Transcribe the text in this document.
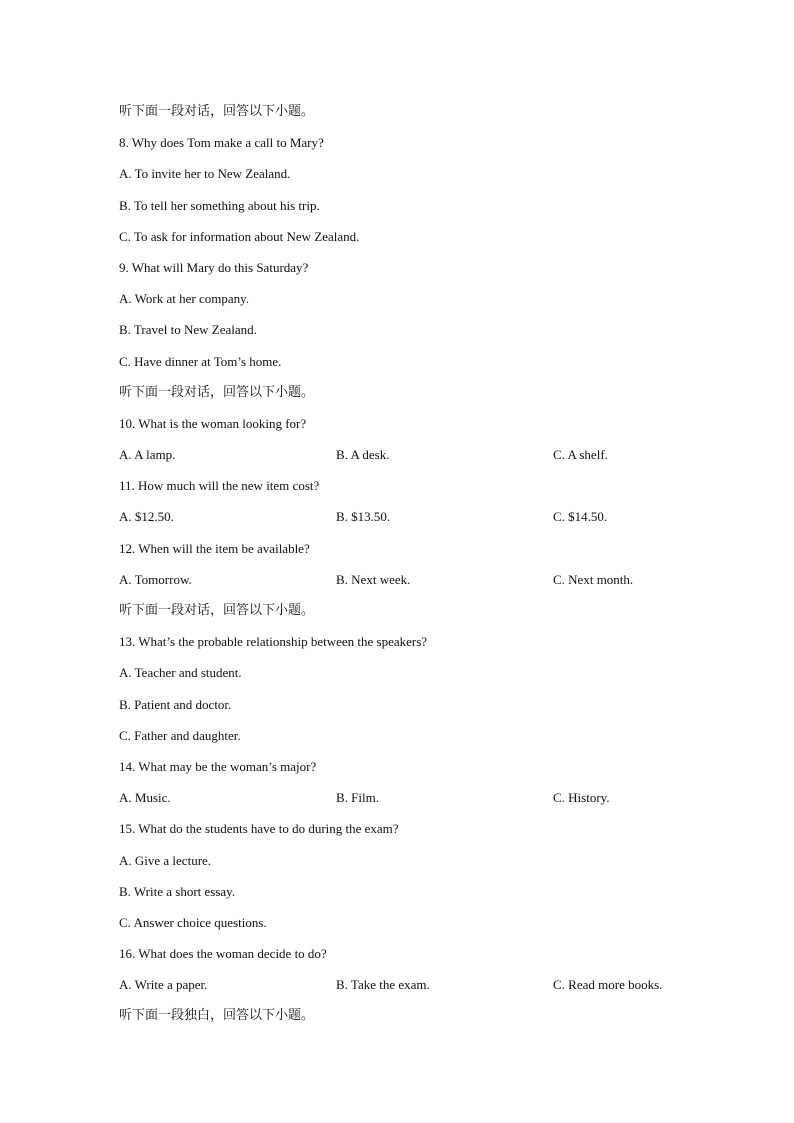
听下面一段对话，回答以下小题。
8. Why does Tom make a call to Mary?
A. To invite her to New Zealand.
B. To tell her something about his trip.
C. To ask for information about New Zealand.
9. What will Mary do this Saturday?
A. Work at her company.
B. Travel to New Zealand.
C. Have dinner at Tom’s home.
听下面一段对话，回答以下小题。
10. What is the woman looking for?
A. A lamp.	B. A desk.	C. A shelf.
11. How much will the new item cost?
A. $12.50.	B. $13.50.	C. $14.50.
12. When will the item be available?
A. Tomorrow.	B. Next week.	C. Next month.
听下面一段对话，回答以下小题。
13. What’s the probable relationship between the speakers?
A. Teacher and student.
B. Patient and doctor.
C. Father and daughter.
14. What may be the woman’s major?
A. Music.	B. Film.	C. History.
15. What do the students have to do during the exam?
A. Give a lecture.
B. Write a short essay.
C. Answer choice questions.
16. What does the woman decide to do?
A. Write a paper.	B. Take the exam.	C. Read more books.
听下面一段独白，回答以下小题。
